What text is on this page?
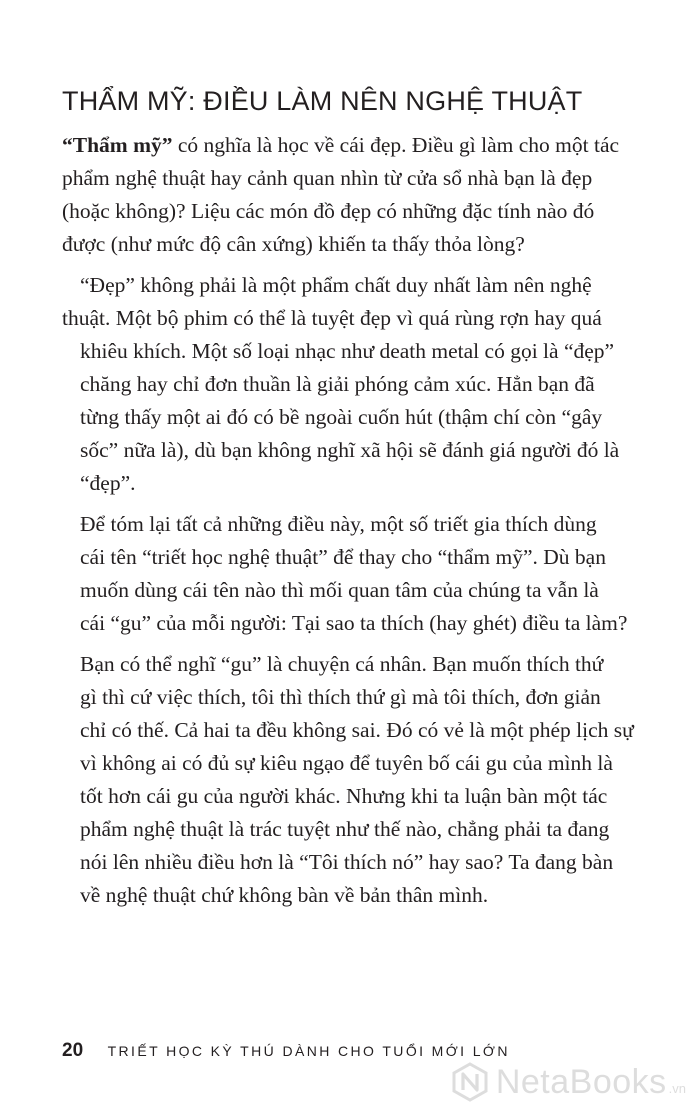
THẨM MỸ: ĐIỀU LÀM NÊN NGHỆ THUẬT

“Thẩm mỹ” có nghĩa là học về cái đẹp. Điều gì làm cho một tác
phẩm nghệ thuật hay cảnh quan nhìn từ cửa sổ nhà bạn là đẹp
(hoặc không)? Liệu các món đồ đẹp có những đặc tính nào đó
được (như mức độ cân xứng) khiến ta thấy thỏa lòng?

“Đẹp” không phải là một phẩm chất duy nhất làm nên nghệ

thuật. Một bộ phim có thể là tuyệt đẹp vì quá rùng rợn hay quá
khiêu khích. Một số loại nhạc như death metal có gọi là “đẹp”
chăng hay chỉ đơn thuần là giải phóng cảm xúc. Hẳn bạn đã
từng thấy một ai đó có bề ngoài cuốn hút (thậm chí còn “gây
sốc” nữa là), dù bạn không nghĩ xã hội sẽ đánh giá người đó là
“đẹp”.

Để tóm lại tất cả những điều này, một số triết gia thích dùng

cái tên “triết học nghệ thuật” để thay cho “thẩm mỹ”. Dù bạn
muốn dùng cái tên nào thì mối quan tâm của chúng ta vẫn là
cái “gu” của mỗi người: Tại sao ta thích (hay ghét) điều ta làm?

Bạn có thể nghĩ “gu” là chuyện cá nhân. Bạn muốn thích thứ

gì thì cứ việc thích, tôi thì thích thứ gì mà tôi thích, đơn giản
chỉ có thế. Cả hai ta đều không sai. Đó có vẻ là một phép lịch sự
vì không ai có đủ sự kiêu ngạo để tuyên bố cái gu của mình là
tốt hơn cái gu của người khác. Nhưng khi ta luận bàn một tác
phẩm nghệ thuật là trác tuyệt như thế nào, chẳng phải ta đang
nói lên nhiều điều hơn là “Tôi thích nó” hay sao? Ta đang bàn
về nghệ thuật chứ không bàn về bản thân mình.

20 TRIẾT HỌC KỲ THÚ DÀNH CHO TUỔI MỚI LỚN
NetaBooks .vn
